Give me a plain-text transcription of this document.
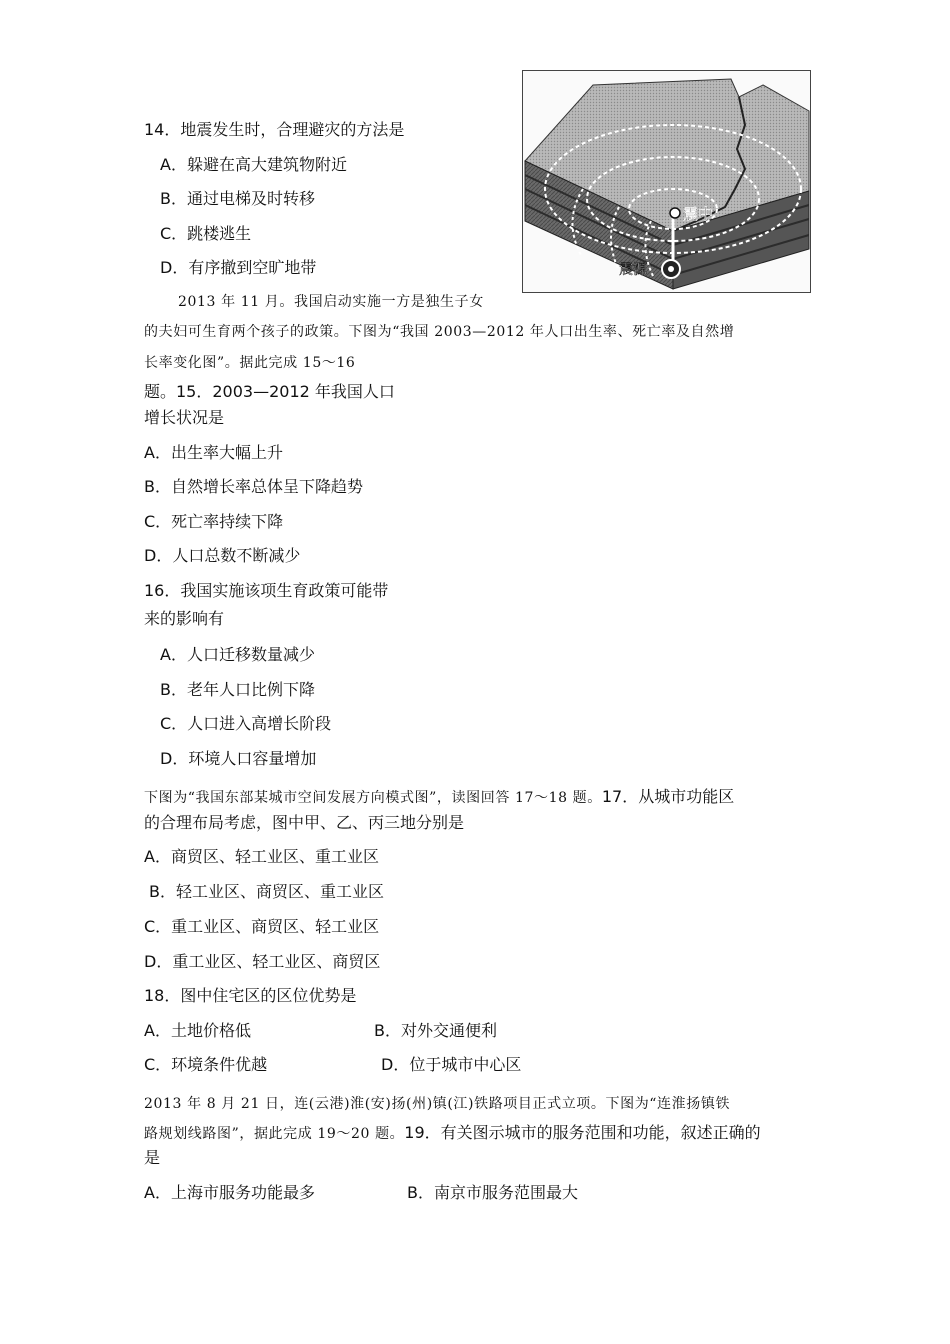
14．地震发生时，合理避灾的方法是
A．躲避在高大建筑物附近
B．通过电梯及时转移
C．跳楼逃生
D．有序撤到空旷地带
震中
震源
2013 年 11 月。我国启动实施一方是独生子女
的夫妇可生育两个孩子的政策。下图为“我国 2003—2012 年人口出生率、死亡率及自然增
长率变化图”。据此完成 15～16
题。15．2003—2012 年我国人口
增长状况是
A．出生率大幅上升
B．自然增长率总体呈下降趋势
C．死亡率持续下降
D．人口总数不断减少
16．我国实施该项生育政策可能带
来的影响有
A．人口迁移数量减少
B．老年人口比例下降
C．人口进入高增长阶段
D．环境人口容量增加
下图为“我国东部某城市空间发展方向模式图”，读图回答 17～18 题。17．从城市功能区
的合理布局考虑，图中甲、乙、丙三地分别是
A．商贸区、轻工业区、重工业区
B．轻工业区、商贸区、重工业区
C．重工业区、商贸区、轻工业区
D．重工业区、轻工业区、商贸区
18．图中住宅区的区位优势是
A．土地价格低	B．对外交通便利
C．环境条件优越	D．位于城市中心区
2013 年 8 月 21 日，连(云港)淮(安)扬(州)镇(江)铁路项目正式立项。下图为“连淮扬镇铁
路规划线路图”，据此完成 19～20 题。19．有关图示城市的服务范围和功能，叙述正确的
是
A．上海市服务功能最多	B．南京市服务范围最大
